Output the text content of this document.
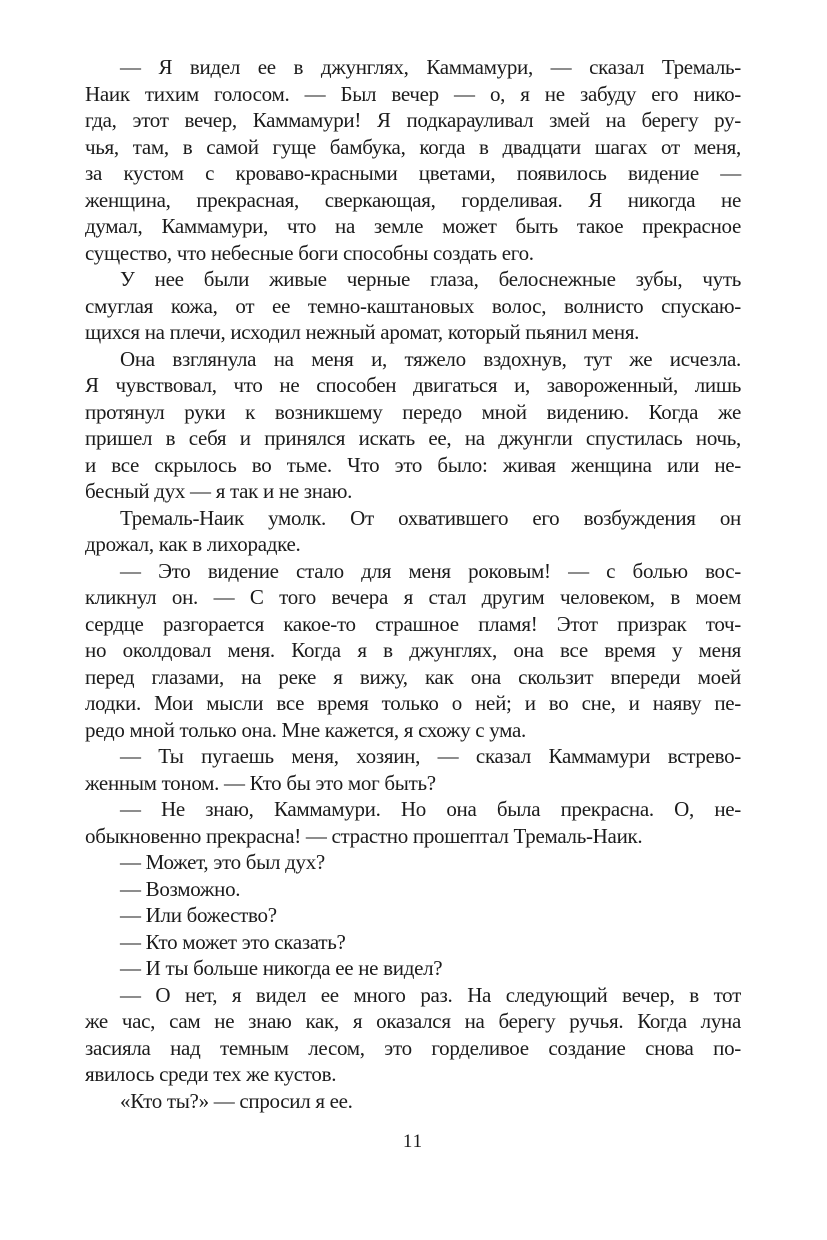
— Я видел ее в джунглях, Каммамури, — сказал Тремаль-
Наик тихим голосом. — Был вечер — о, я не забуду его нико-
гда, этот вечер, Каммамури! Я подкарауливал змей на берегу ру-
чья, там, в самой гуще бамбука, когда в двадцати шагах от меня,
за кустом с кроваво-красными цветами, появилось видение —
женщина, прекрасная, сверкающая, горделивая. Я никогда не
думал, Каммамури, что на земле может быть такое прекрасное
существо, что небесные боги способны создать его.
У нее были живые черные глаза, белоснежные зубы, чуть
смуглая кожа, от ее темно-каштановых волос, волнисто спускаю-
щихся на плечи, исходил нежный аромат, который пьянил меня.
Она взглянула на меня и, тяжело вздохнув, тут же исчезла.
Я чувствовал, что не способен двигаться и, завороженный, лишь
протянул руки к возникшему передо мной видению. Когда же
пришел в себя и принялся искать ее, на джунгли спустилась ночь,
и все скрылось во тьме. Что это было: живая женщина или не-
бесный дух — я так и не знаю.
Тремаль-Наик умолк. От охватившего его возбуждения он
дрожал, как в лихорадке.
— Это видение стало для меня роковым! — с болью вос-
кликнул он. — С того вечера я стал другим человеком, в моем
сердце разгорается какое-то страшное пламя! Этот призрак точ-
но околдовал меня. Когда я в джунглях, она все время у меня
перед глазами, на реке я вижу, как она скользит впереди моей
лодки. Мои мысли все время только о ней; и во сне, и наяву пе-
редо мной только она. Мне кажется, я схожу с ума.
— Ты пугаешь меня, хозяин, — сказал Каммамури встрево-
женным тоном. — Кто бы это мог быть?
— Не знаю, Каммамури. Но она была прекрасна. О, не-
обыкновенно прекрасна! — страстно прошептал Тремаль-Наик.
— Может, это был дух?
— Возможно.
— Или божество?
— Кто может это сказать?
— И ты больше никогда ее не видел?
— О нет, я видел ее много раз. На следующий вечер, в тот
же час, сам не знаю как, я оказался на берегу ручья. Когда луна
засияла над темным лесом, это горделивое создание снова по-
явилось среди тех же кустов.
«Кто ты?» — спросил я ее.
11
